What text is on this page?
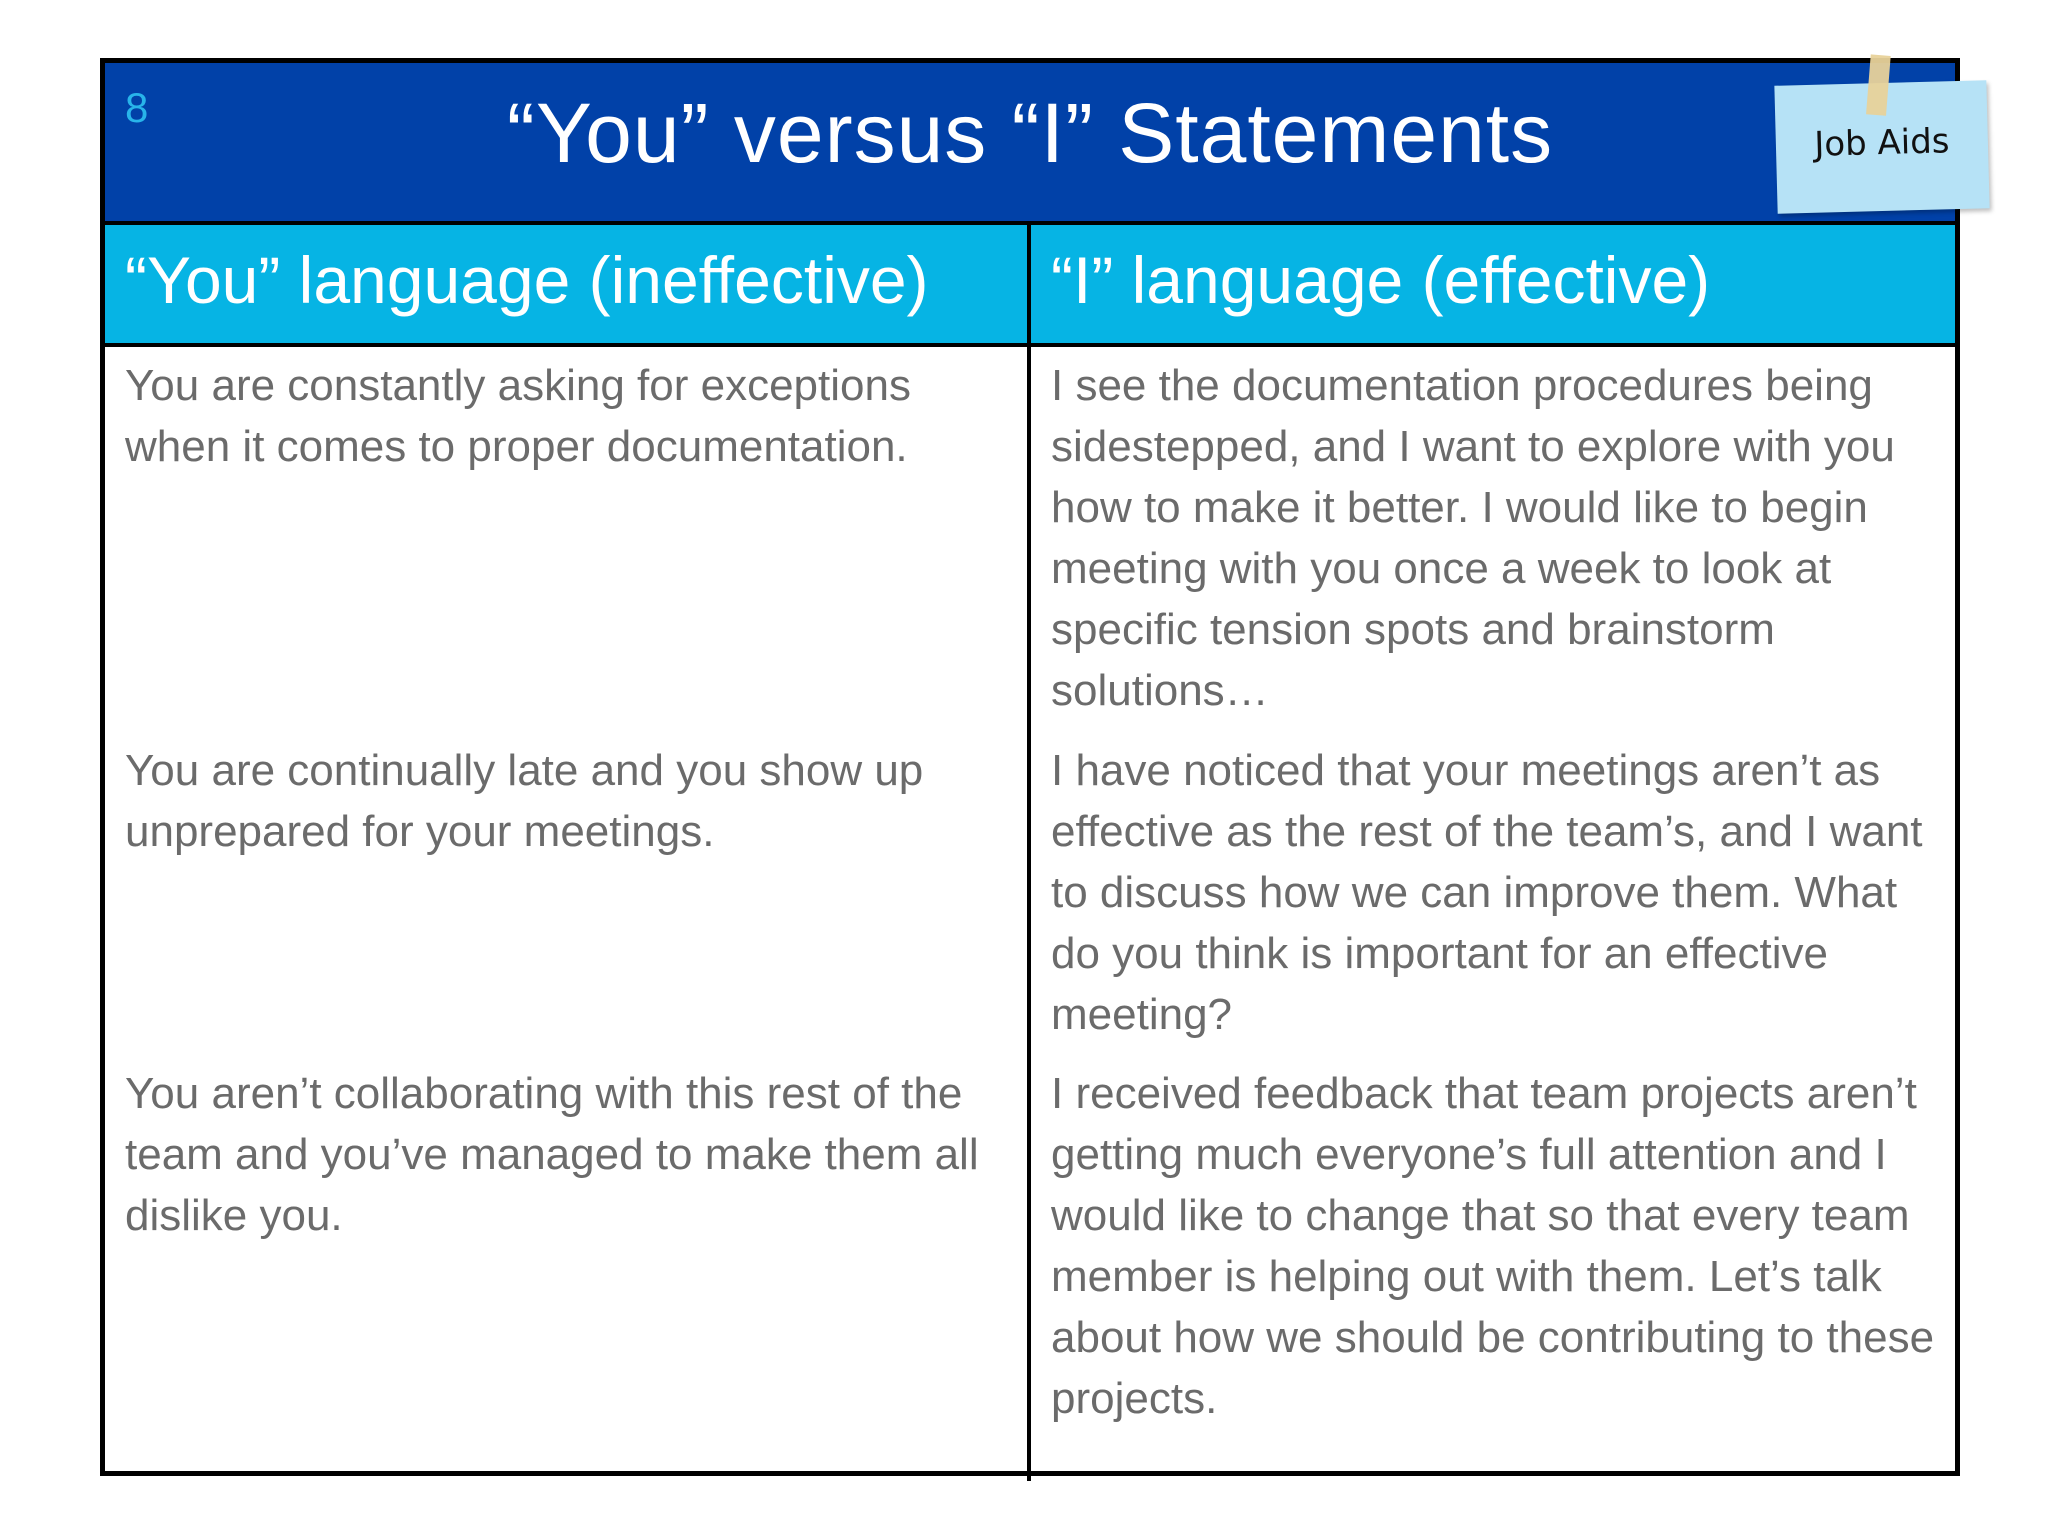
8	“You” versus “I” Statements	Job Aids
“You” language (ineffective) “I” language (effective)
You are constantly asking for exceptions when it comes to proper documentation.
I see the documentation procedures being sidestepped, and I want to explore with you how to make it better. I would like to begin meeting with you once a week to look at specific tension spots and brainstorm solutions…
You are continually late and you show up unprepared for your meetings.
I have noticed that your meetings aren’t as effective as the rest of the team’s, and I want to discuss how we can improve them. What do you think is important for an effective meeting?
You aren’t collaborating with this rest of the team and you’ve managed to make them all dislike you.
I received feedback that team projects aren’t getting much everyone’s full attention and I would like to change that so that every team member is helping out with them. Let’s talk about how we should be contributing to these projects.
